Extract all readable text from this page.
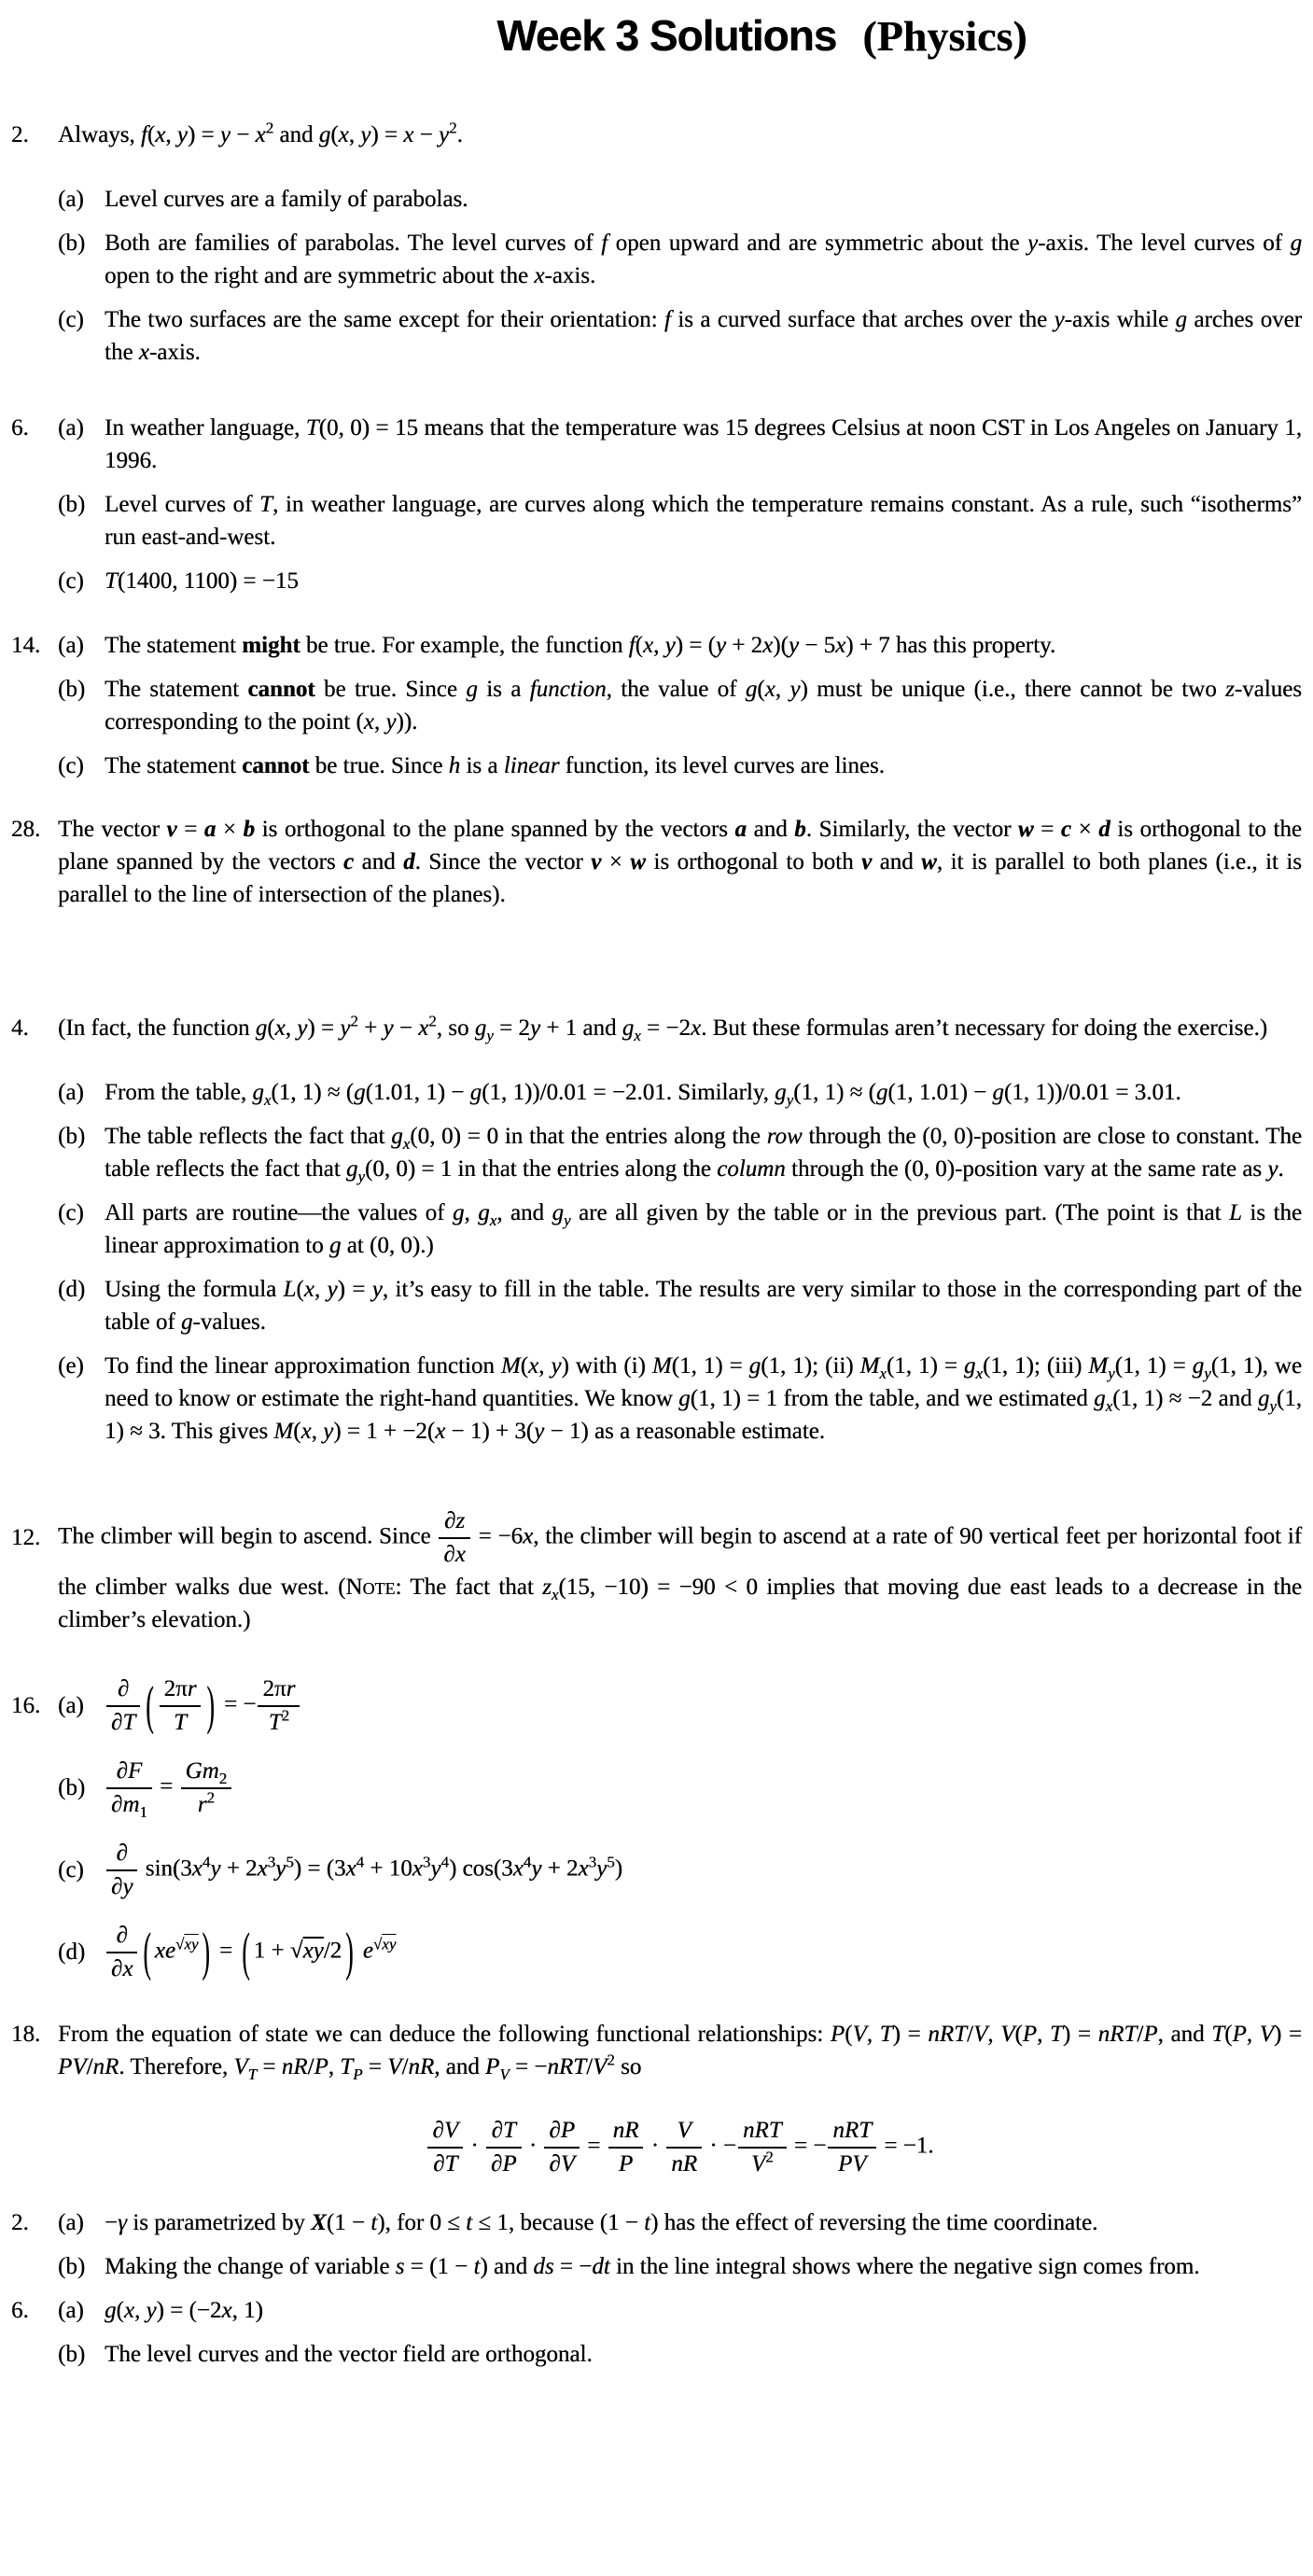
Week 3 Solutions (Physics)
2. Always, f(x, $y) = y - x^2$ and g(x, $y) = x - y^2$.
(a) Level curves are a family of parabolas.
(b) Both are families of parabolas. The level curves of f open upward and are symmetric about the y-axis. The level curves of g open to the right and are symmetric about the x-axis.
(c) The two surfaces are the same except for their orientation: f is a curved surface that arches over the y-axis while g arches over the x-axis.
6. (a) In weather language, T(0, 0) = 15 means that the temperature was 15 degrees Celsius at noon CST in Los Angeles on January 1, 1996.
(b) Level curves of T, in weather language, are curves along which the temperature remains constant. As a rule, such “isotherms” run east-and-west.
(c) T(1400, 1100) = −15
14. (a) The statement might be true. For example, the function f(x, y) = (y + 2x)(y − 5x) + 7 has this property.
(b) The statement cannot be true. Since g is a function, the value of g(x, y) must be unique (i.e., there cannot be two z-values corresponding to the point (x, y)).
(c) The statement cannot be true. Since h is a linear function, its level curves are lines.
28. The vector v = a × b is orthogonal to the plane spanned by the vectors a and b. Similarly, the vector w = c × d is orthogonal to the plane spanned by the vectors c and d. Since the vector v × w is orthogonal to both v and w, it is parallel to both planes (i.e., it is parallel to the line of intersection of the planes).
4. (In fact, the function g(x, $y) = y^2 + y - x^2$, so $g_y = 2y + 1$ and $g_x = -2x$. But these formulas aren’t necessary for doing the exercise.)
(a) From the table, $g_x(1$, 1) ≈ (g(1.01, 1) − g(1, 1))/0.01 = −2.01. Similarly, $g_y(1$, 1) ≈ (g(1, 1.01) − g(1, 1))/0.01 = 3.01.
(b) The table reflects the fact that $g_x(0$, 0) = 0 in that the entries along the row through the (0, 0)-position are close to constant. The table reflects the fact that $g_y(0$, 0) = 1 in that the entries along the column through the (0, 0)-position vary at the same rate as y.
(c) All parts are routine—the values of g, $g_x$, and $g_y$ are all given by the table or in the previous part. (The point is that L is the linear approximation to g at (0, 0).)
(d) Using the formula L(x, y) = y, it’s easy to fill in the table. The results are very similar to those in the corresponding part of the table of g-values.
(e) To find the linear approximation function M(x, y) with (i) M(1, 1) = g(1, 1); (ii) $M_x(1$, $1) = g_x(1$, 1); (iii) $M_y(1$, $1) = g_y(1$, 1), we need to know or estimate the right-hand quantities. We know g(1, 1) = 1 from the table, and we estimated $g_x(1$, 1) ≈ −2 and $g_y(1$, 1) ≈ 3. This gives M(x, y) = 1 + −2(x − 1) + 3(y − 1) as a reasonable estimate.
12. The climber will begin to ascend. Since $\frac{\partial z}{\partial x} = -6x$, the climber will begin to ascend at a rate of 90 vertical feet per horizontal foot if the climber walks due west. (Note: The fact that $z_x(15$, −10) = −90 < 0 implies that moving due east leads to a decrease in the climber’s elevation.)
16. $(a) \frac{\partial}{\partial T}$ ( $\frac{2\pi r}{T}$ ) = − $\frac{2\pi r}{T^2}$
$(b) \frac{\partial F}{\partial m_1} = \frac{Gm_2}{r^2}$
$(c) \frac{\partial}{\partial y} \sin(3x^4y + 2x^3y^5) = (3x^4 + 10x^3y^4) \cos(3x^4y + 2x^3y^5)$
$(d) \frac{\partial}{\partial x}$ ( $xe^{√xy}$ ) = ( 1 + √xy/2 ) $e^{√xy}$
18. From the equation of state we can deduce the following functional relationships: P(V, T) = nRT/V, V(P, T) = nRT/P, and T(P, V) = PV/nR. Therefore, $V_T = nR/P$, $T_P = V/nR$, and $P_V = -nRT/V^2$ so
$\frac{\partial V}{\partial T} \cdot \frac{\partial T}{\partial P} \cdot \frac{\partial P}{\partial V} = \frac{nR}{P} \cdot \frac{V}{nR}$ · − $\frac{\text{nRT}}{V^2}$ = − $\frac{\text{nRT}}{PV} = -1$.
2. (a) −γ is parametrized by X(1 − t), for 0 ≤ t ≤ 1, because (1 − t) has the effect of reversing the time coordinate.
(b) Making the change of variable s = (1 − t) and ds = −dt in the line integral shows where the negative sign comes from.
6. (a) g(x, y) = (−2x, 1)
(b) The level curves and the vector field are orthogonal.
